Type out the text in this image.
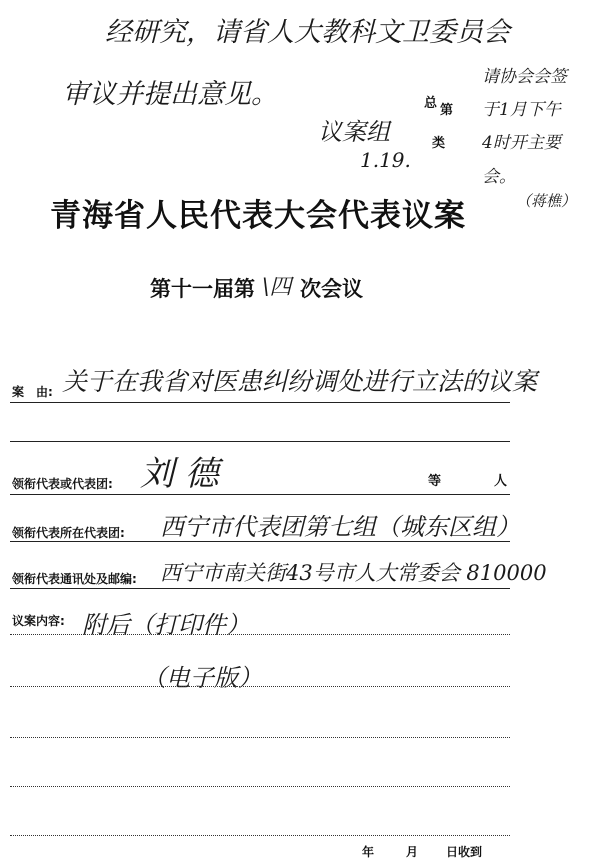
经研究，请省人大教科文卫委员会
审议并提出意见。
议案组
1.19.
请协会会签
于1月下午
4时开主要
会。
（蒋樵）
总 第
类
青海省人民代表大会代表议案
第十一届第 \四 次会议
案　由: 关于在我省对医患纠纷调处进行立法的议案
领衔代表或代表团: 刘 德	等	人
领衔代表所在代表团: 西宁市代表团第七组（城东区组）
领衔代表通讯处及邮编: 西宁市南关街43号市人大常委会 810000
议案内容: 附后（打印件）
（电子版）
年	月 日收到
